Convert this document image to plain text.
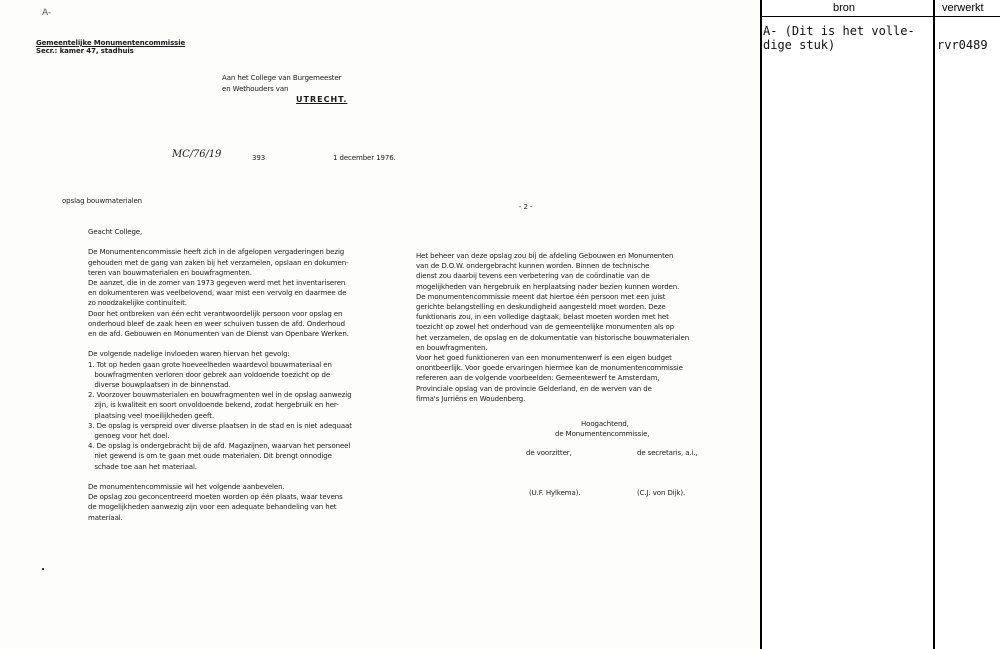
A-
Gemeentelijke Monumentencommissie
Secr.: kamer 47, stadhuis
Aan het College van Burgemeester
en Wethouders van
UTRECHT.
MC/76/19	393	1 december 1976.
opslag bouwmaterialen
- 2 -
Geacht College,

De Monumentencommissie heeft zich in de afgelopen vergaderingen bezig
gehouden met de gang van zaken bij het verzamelen, opslaan en dokumen-
teren van bouwmaterialen en bouwfragmenten.
De aanzet, die in de zomer van 1973 gegeven werd met het inventariseren
en dokumenteren was veelbelovend, waar mist een vervolg en daarmee de
zo noodzakelijke continuiteit.
Door het ontbreken van één echt verantwoordelijk persoon voor opslag en
onderhoud bleef de zaak heen en weer schuiven tussen de afd. Onderhoud
en de afd. Gebouwen en Monumenten van de Dienst van Openbare Werken.

De volgende nadelige invloeden waren hiervan het gevolg:
1. Tot op heden gaan grote hoeveelheden waardevol bouwmateriaal en
bouwfragmenten verloren door gebrek aan voldoende toezicht op de
diverse bouwplaatsen in de binnenstad.
2. Voorzover bouwmaterialen en bouwfragmenten wel in de opslag aanwezig
zijn, is kwaliteit en soort onvoldoende bekend, zodat hergebruik en her-
plaatsing veel moeilijkheden geeft.
3. De opslag is verspreid over diverse plaatsen in de stad en is niet adequaat
genoeg voor het doel.
4. De opslag is ondergebracht bij de afd. Magazijnen, waarvan het personeel
niet gewend is om te gaan met oude materialen. Dit brengt onnodige
schade toe aan het materiaal.

De monumentencommissie wil het volgende aanbevelen.
De opslag zou geconcentreerd moeten worden op één plaats, waar tevens
de mogelijkheden aanwezig zijn voor een adequate behandeling van het
materiaal.
Het beheer van deze opslag zou bij de afdeling Gebouwen en Monumenten
van de D.O.W. ondergebracht kunnen worden. Binnen de technische
dienst zou daarbij tevens een verbetering van de coördinatie van de
mogelijkheden van hergebruik en herplaatsing nader bezien kunnen worden.
De monumentencommissie meent dat hiertoe één persoon met een juist
gerichte belangstelling en deskundigheid aangesteld moet worden. Deze
funktionaris zou, in een volledige dagtaak, belast moeten worden met het
toezicht op zowel het onderhoud van de gemeentelijke monumenten als op
het verzamelen, de opslag en de dokumentatie van historische bouwmaterialen
en bouwfragmenten.
Voor het goed funktioneren van een monumentenwerf is een eigen budget
onontbeerlijk. Voor goede ervaringen hiermee kan de monumentencommissie
refereren aan de volgende voorbeelden: Gemeentewerf te Amsterdam,
Provinciale opslag van de provincie Gelderland, en de werven van de
firma's Jurriëns en Woudenberg.
Hoogachtend,
de Monumentencommissie,
de voorzitter,	de secretaris, a.i.,
(U.F. Hylkema).	(C.J. von Dijk).
bron	verwerkt
A- (Dit is het volle-
dige stuk)	rvr0489
